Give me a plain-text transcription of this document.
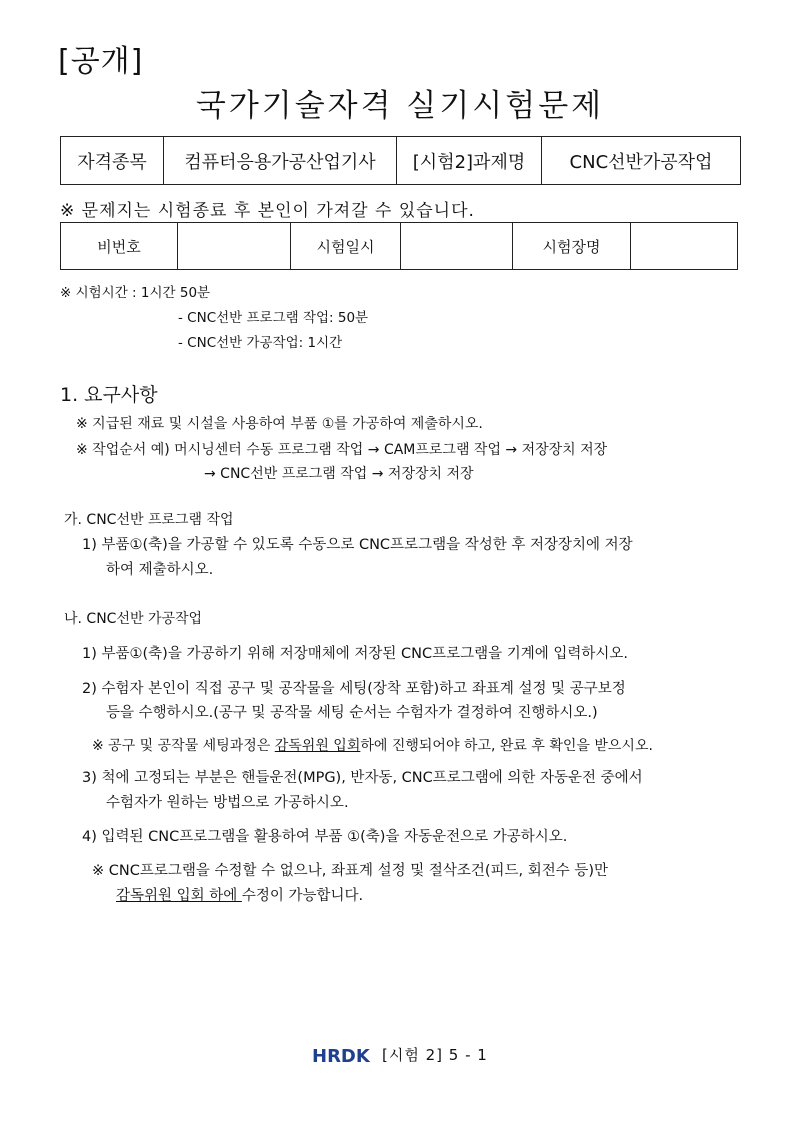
[공개]
국가기술자격 실기시험문제
자격종목	컴퓨터응용가공산업기사	[시험2]과제명	CNC선반가공작업
※ 문제지는 시험종료 후 본인이 가져갈 수 있습니다.
비번호		시험일시		시험장명	
※ 시험시간 : 1시간 50분
- CNC선반 프로그램 작업: 50분
- CNC선반 가공작업: 1시간
1. 요구사항
※ 지급된 재료 및 시설을 사용하여 부품 ①를 가공하여 제출하시오.
※ 작업순서 예) 머시닝센터 수동 프로그램 작업 → CAM프로그램 작업 → 저장장치 저장
→ CNC선반 프로그램 작업 → 저장장치 저장
가. CNC선반 프로그램 작업
1) 부품①(축)을 가공할 수 있도록 수동으로 CNC프로그램을 작성한 후 저장장치에 저장
하여 제출하시오.
나. CNC선반 가공작업
1) 부품①(축)을 가공하기 위해 저장매체에 저장된 CNC프로그램을 기계에 입력하시오.
2) 수험자 본인이 직접 공구 및 공작물을 세팅(장착 포함)하고 좌표계 설정 및 공구보정
등을 수행하시오.(공구 및 공작물 세팅 순서는 수험자가 결정하여 진행하시오.)
※ 공구 및 공작물 세팅과정은 감독위원 입회하에 진행되어야 하고, 완료 후 확인을 받으시오.
3) 척에 고정되는 부분은 핸들운전(MPG), 반자동, CNC프로그램에 의한 자동운전 중에서
수험자가 원하는 방법으로 가공하시오.
4) 입력된 CNC프로그램을 활용하여 부품 ①(축)을 자동운전으로 가공하시오.
※ CNC프로그램을 수정할 수 없으나, 좌표계 설정 및 절삭조건(피드, 회전수 등)만
감독위원 입회 하에 수정이 가능합니다.
HRDK [시험 2] 5 - 1
